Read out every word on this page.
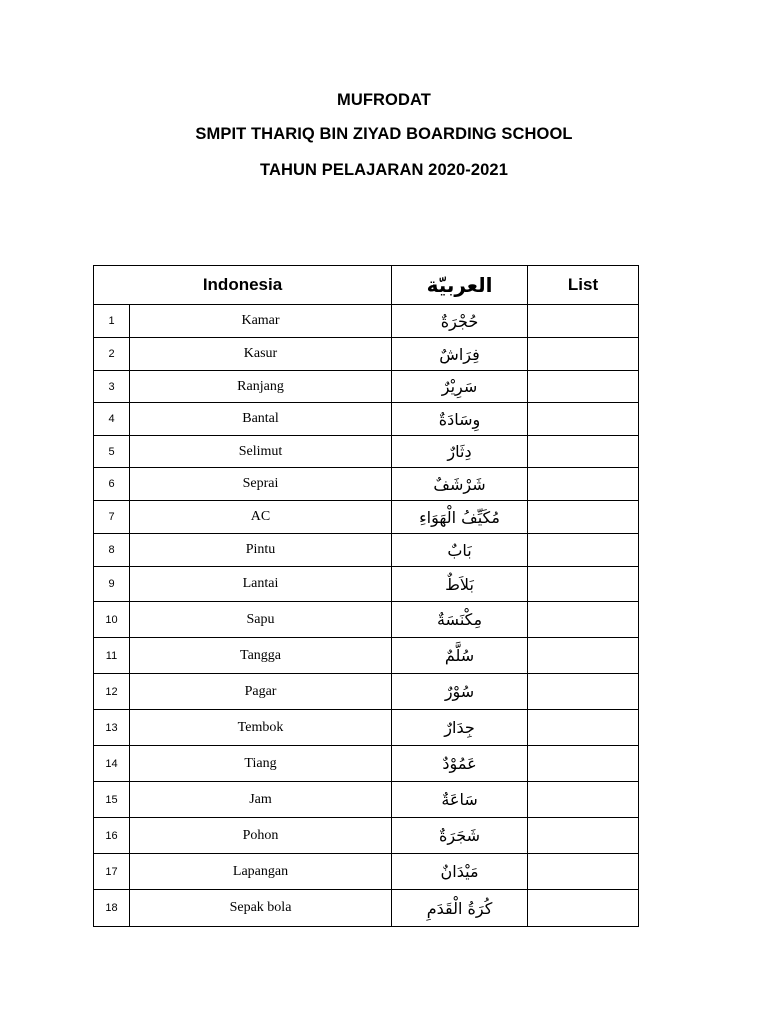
MUFRODAT
SMPIT THARIQ BIN ZIYAD BOARDING SCHOOL
TAHUN PELAJARAN 2020-2021
Indonesia		العربيّة	List
1	Kamar	حُجْرَةٌ	
2	Kasur	فِرَاشٌ	
3	Ranjang	سَرِيْرٌ	
4	Bantal	وِسَادَةٌ	
5	Selimut	دِثَارٌ	
6	Seprai	شَرْشَفٌ	
7	AC	مُكَيِّفُ الْهَوَاءِ	
8	Pintu	بَابٌ	
9	Lantai	بَلاَطٌ	
10	Sapu	مِكْنَسَةٌ	
11	Tangga	سُلَّمٌ	
12	Pagar	سُوْرٌ	
13	Tembok	جِدَارٌ	
14	Tiang	عَمُوْدٌ	
15	Jam	سَاعَةٌ	
16	Pohon	شَجَرَةٌ	
17	Lapangan	مَيْدَانٌ	
18	Sepak bola	كُرَةُ الْقَدَمِ	
